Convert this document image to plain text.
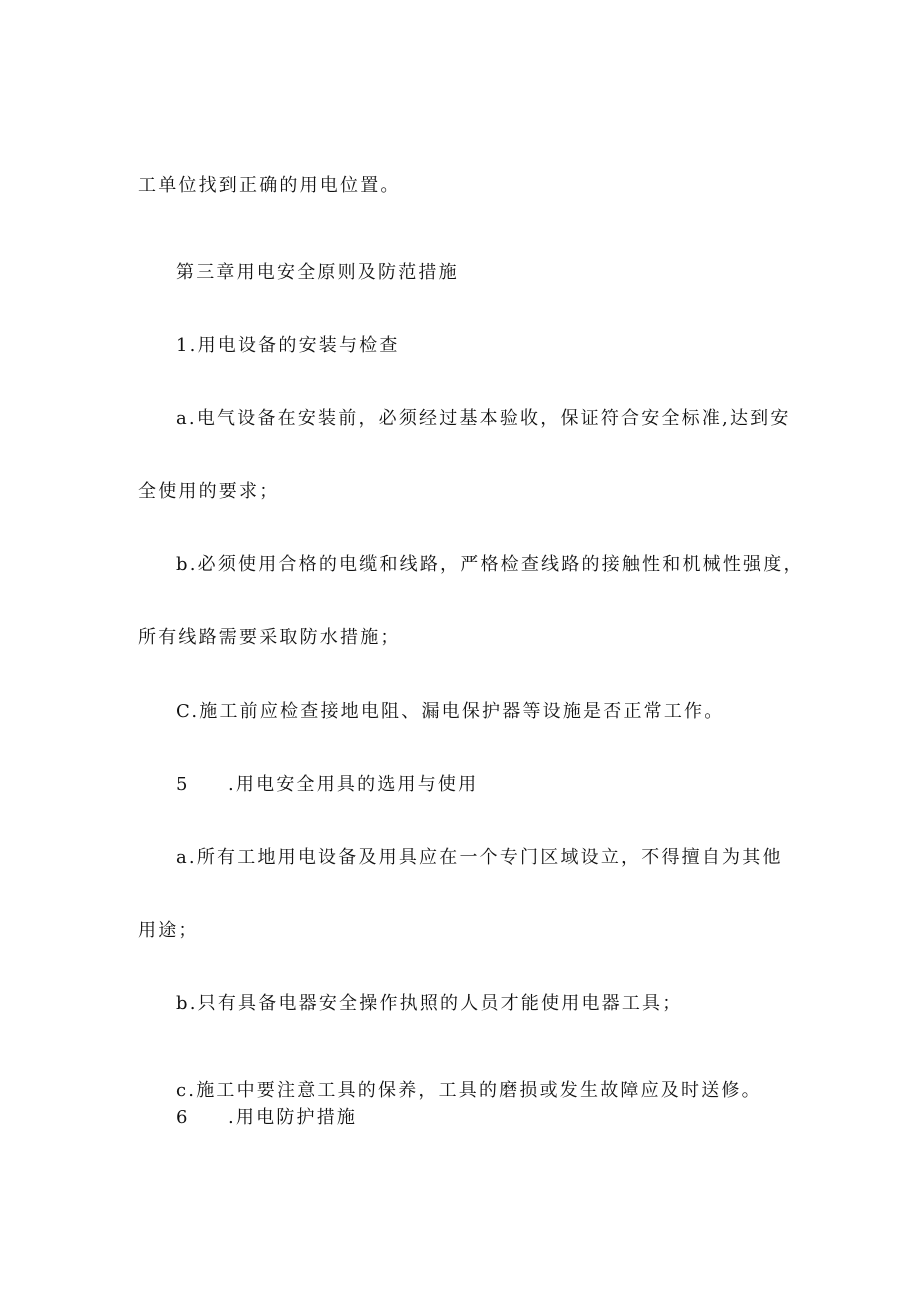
工单位找到正确的用电位置。
第三章用电安全原则及防范措施
1.用电设备的安装与检查
a.电气设备在安装前，必须经过基本验收，保证符合安全标准,达到安
全使用的要求；
b.必须使用合格的电缆和线路，严格检查线路的接触性和机械性强度，
所有线路需要采取防水措施；
C.施工前应检查接地电阻、漏电保护器等设施是否正常工作。
5 .用电安全用具的选用与使用
a.所有工地用电设备及用具应在一个专门区域设立，不得擅自为其他
用途；
b.只有具备电器安全操作执照的人员才能使用电器工具；
c.施工中要注意工具的保养，工具的磨损或发生故障应及时送修。
6 .用电防护措施
